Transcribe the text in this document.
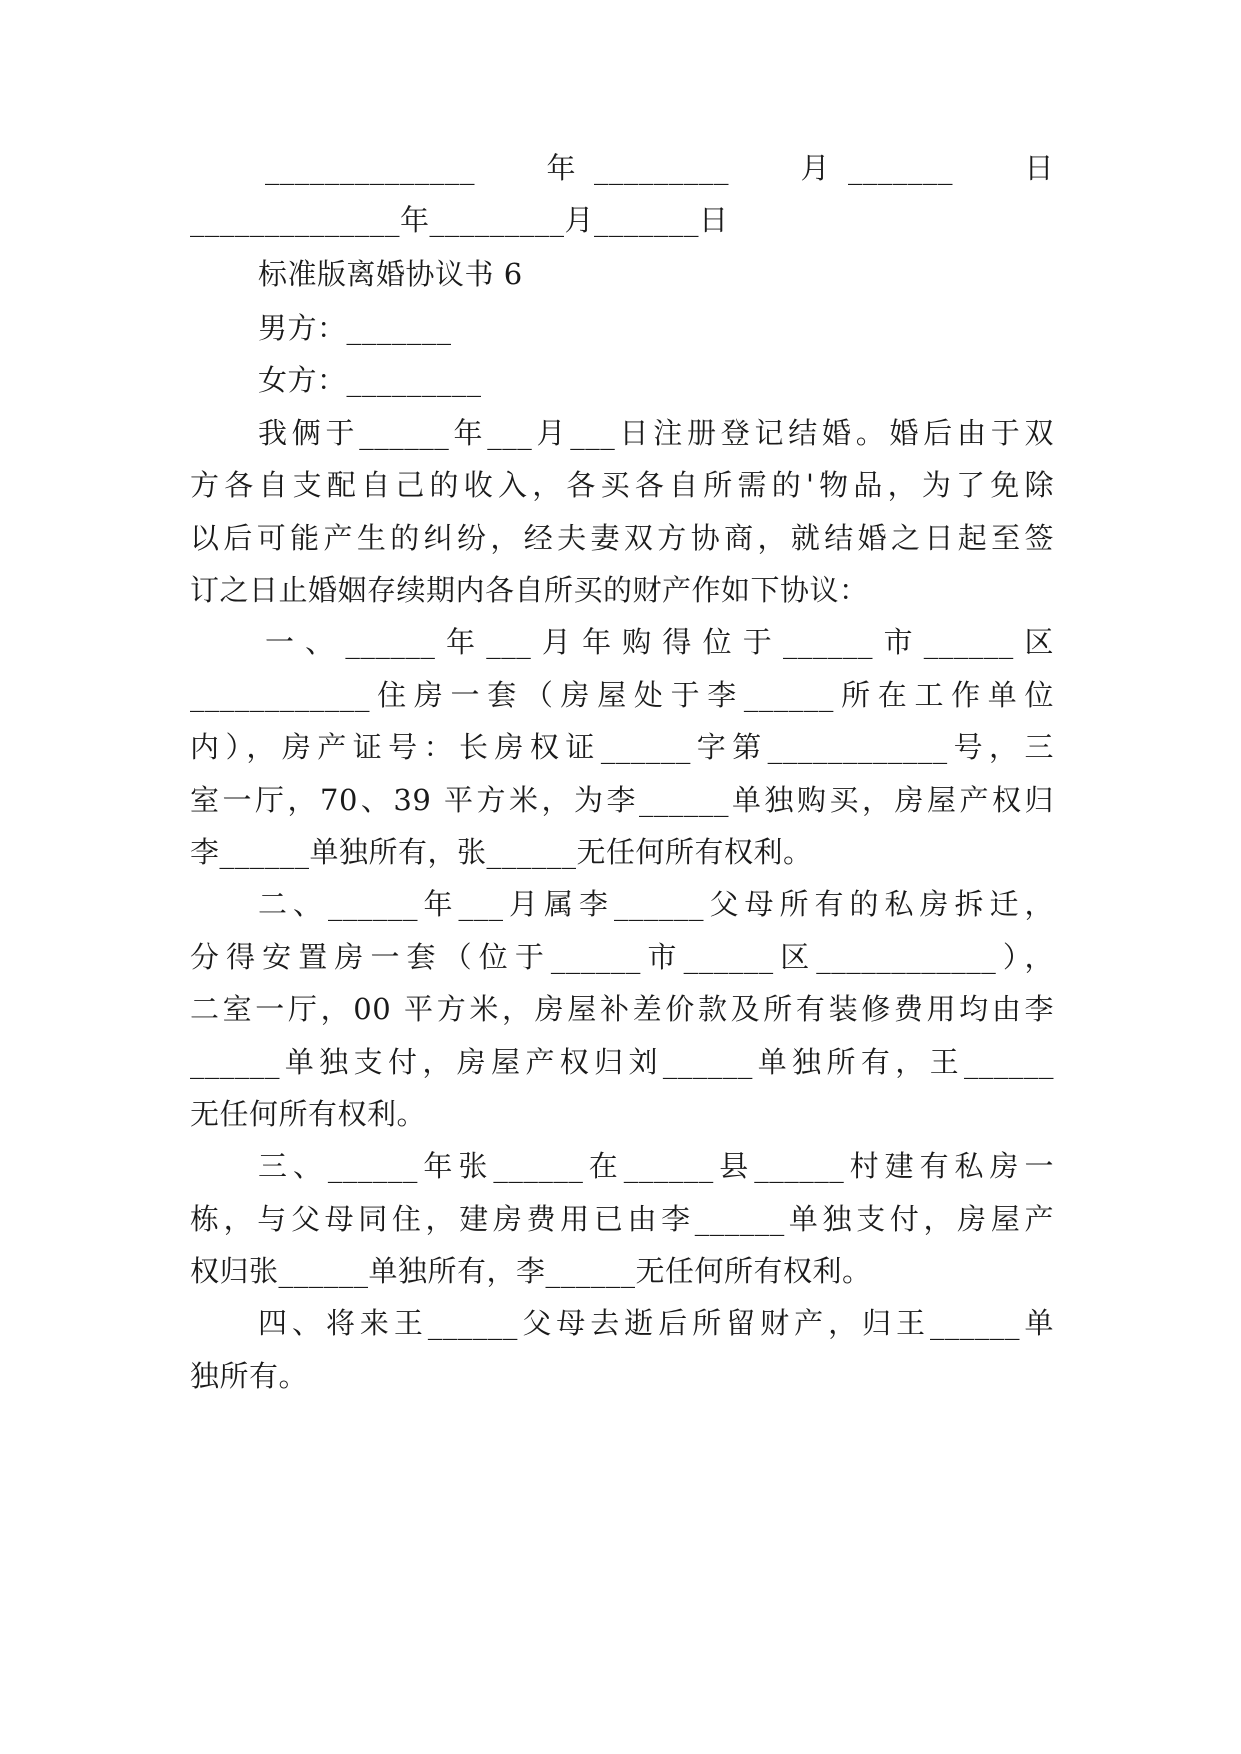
______________　　年 _________　　月 _______　　日
______________年_________月_______日
标准版离婚协议书 6
男方：_______
女方：_________
我俩于______年___月___日注册登记结婚。婚后由于双
方各自支配自己的收入，各买各自所需的'物品，为了免除
以后可能产生的纠纷，经夫妻双方协商，就结婚之日起至签
订之日止婚姻存续期内各自所买的财产作如下协议：
一、______年___月年购得位于______市______区
____________住房一套（房屋处于李______所在工作单位
内），房产证号：长房权证______字第____________号，三
室一厅，70、39 平方米，为李______单独购买，房屋产权归
李______单独所有，张______无任何所有权利。
二、______年___月属李______父母所有的私房拆迁，
分得安置房一套（位于______市______区____________），
二室一厅，00 平方米，房屋补差价款及所有装修费用均由李
______单独支付，房屋产权归刘______单独所有，王______
无任何所有权利。
三、______年张______在______县______村建有私房一
栋，与父母同住，建房费用已由李______单独支付，房屋产
权归张______单独所有，李______无任何所有权利。
四、将来王______父母去逝后所留财产，归王______单
独所有。
